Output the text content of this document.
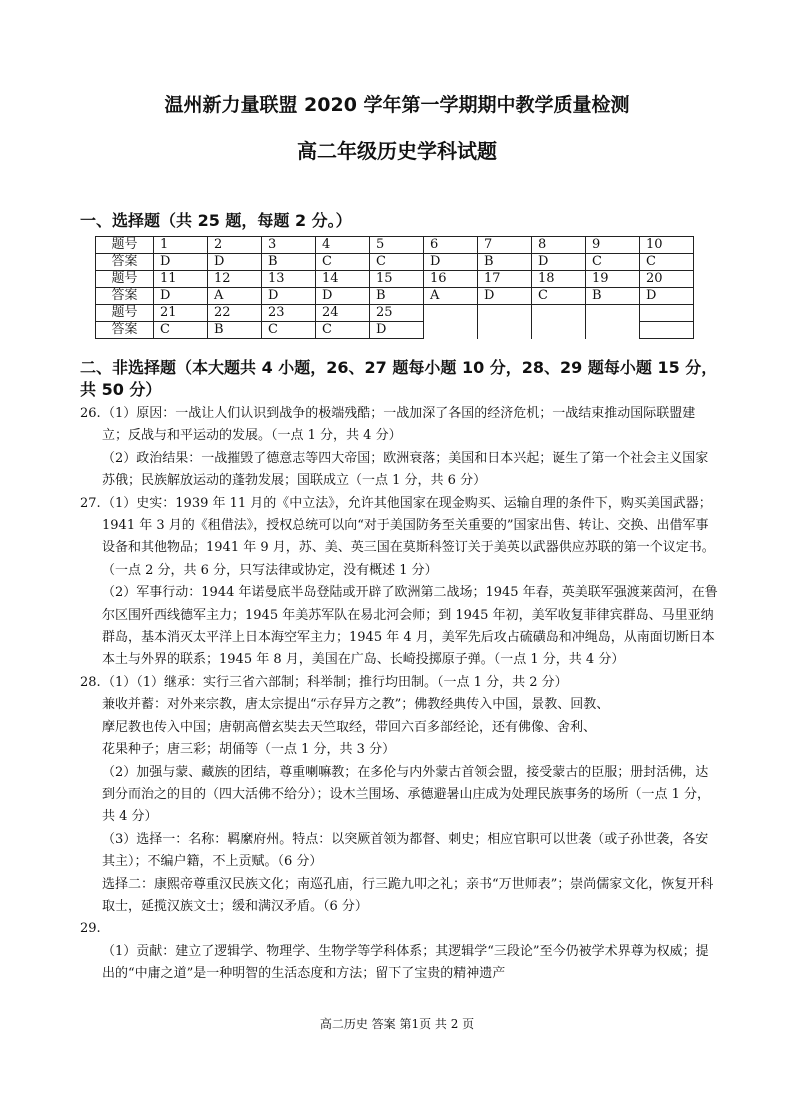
温州新力量联盟 2020 学年第一学期期中教学质量检测
高二年级历史学科试题
一、选择题（共 25 题，每题 2 分。）
题号	1	2	3	4	5	6	7	8	9	10
答案	D	D	B	C	C	D	B	D	C	C
题号	11	12	13	14	15	16	17	18	19	20
答案	D	A	D	D	B	A	D	C	B	D
题号	21	22	23	24	25					
答案	C	B	C	C	D					
二、非选择题（本大题共 4 小题，26、27 题每小题 10 分，28、29 题每小题 15 分，共 50 分）

26.（1）原因：一战让人们认识到战争的极端残酷；一战加深了各国的经济危机；一战结束推动国际联盟建立；反战与和平运动的发展。（一点 1 分，共 4 分）

（2）政治结果：一战摧毁了德意志等四大帝国；欧洲衰落；美国和日本兴起；诞生了第一个社会主义国家苏俄；民族解放运动的蓬勃发展；国联成立（一点 1 分，共 6 分）

27.（1）史实：1939 年 11 月的《中立法》，允许其他国家在现金购买、运输自理的条件下，购买美国武器；1941 年 3 月的《租借法》，授权总统可以向“对于美国防务至关重要的”国家出售、转让、交换、出借军事设备和其他物品；1941 年 9 月，苏、美、英三国在莫斯科签订关于美英以武器供应苏联的第一个议定书。（一点 2 分，共 6 分，只写法律或协定，没有概述 1 分）

（2）军事行动：1944 年诺曼底半岛登陆或开辟了欧洲第二战场；1945 年春，英美联军强渡莱茵河，在鲁尔区围歼西线德军主力；1945 年美苏军队在易北河会师；到 1945 年初，美军收复菲律宾群岛、马里亚纳群岛，基本消灭太平洋上日本海空军主力；1945 年 4 月，美军先后攻占硫磺岛和冲绳岛，从南面切断日本本土与外界的联系；1945 年 8 月，美国在广岛、长崎投掷原子弹。（一点 1 分，共 4 分）

28.（1）（1）继承：实行三省六部制；科举制；推行均田制。（一点 1 分，共 2 分）

兼收并蓄：对外来宗教，唐太宗提出“示存异方之教”；佛教经典传入中国，景教、回教、

摩尼教也传入中国；唐朝高僧玄奘去天竺取经，带回六百多部经论，还有佛像、舍利、

花果种子；唐三彩；胡俑等（一点 1 分，共 3 分）

（2）加强与蒙、藏族的团结，尊重喇嘛教；在多伦与内外蒙古首领会盟，接受蒙古的臣服；册封活佛，达到分而治之的目的（四大活佛不给分）；设木兰围场、承德避暑山庄成为处理民族事务的场所（一点 1 分，共 4 分）

（3）选择一：名称：羁縻府州。特点：以突厥首领为都督、刺史；相应官职可以世袭（或子孙世袭，各安其主）；不编户籍，不上贡赋。（6 分）

选择二：康熙帝尊重汉民族文化；南巡孔庙，行三跪九叩之礼；亲书“万世师表”；崇尚儒家文化，恢复开科取士，延揽汉族文士；缓和满汉矛盾。（6 分）

29.

（1）贡献：建立了逻辑学、物理学、生物学等学科体系；其逻辑学“三段论”至今仍被学术界尊为权威；提出的“中庸之道”是一种明智的生活态度和方法；留下了宝贵的精神遗产

高二历史 答案 第1页 共 2 页
